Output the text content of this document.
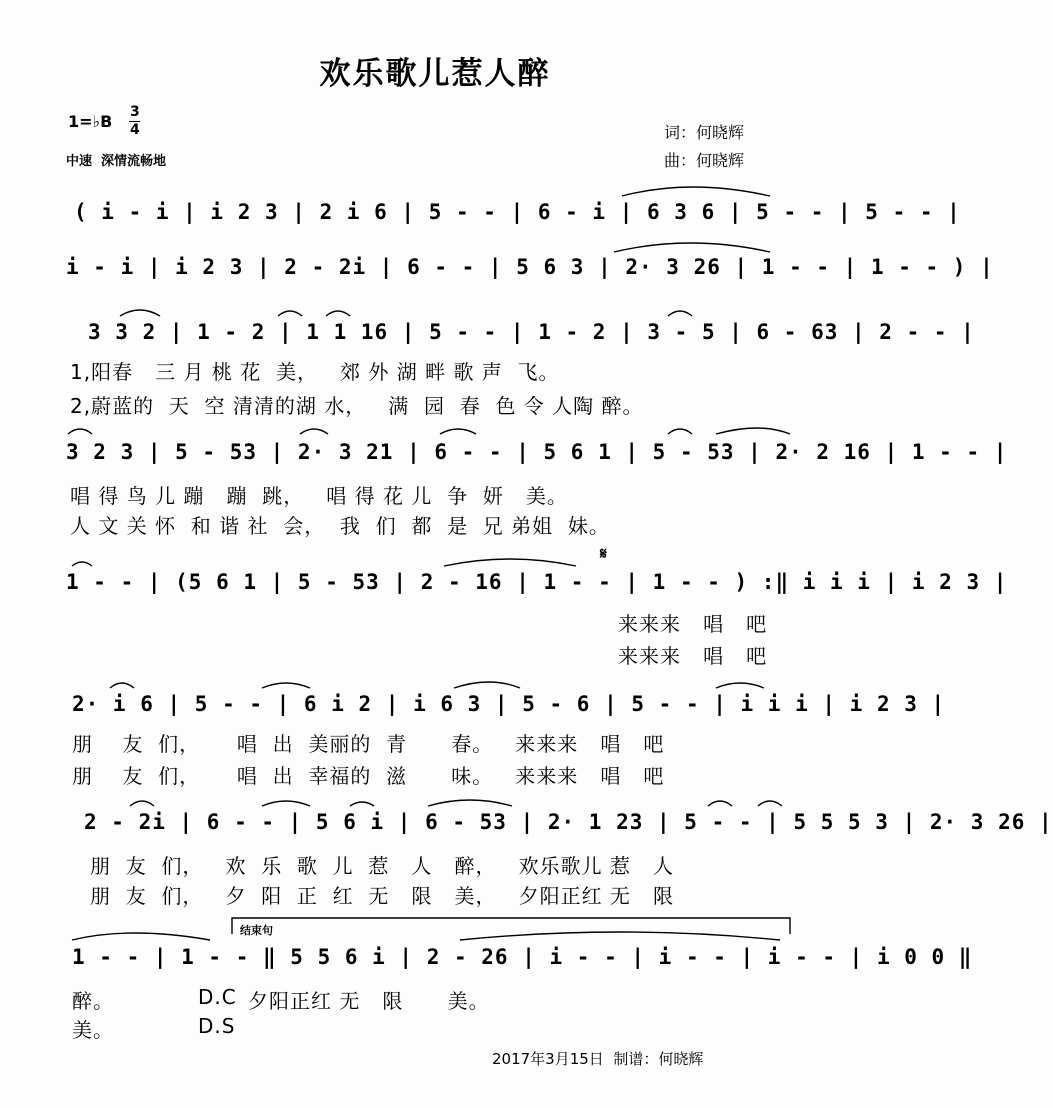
欢乐歌儿惹人醉
1=♭B 3
4
中速  深情流畅地
词：何晓辉
曲：何晓辉
( i - i | i 2 3 | 2 i 6 | 5 - - | 6 - i | 6 3 6 | 5 - - | 5 - - |
i - i | i 2 3 | 2 - 2i | 6 - - | 5 6 3 | 2· 3 26 | 1 - - | 1 - - ) |
3 3 2 | 1 - 2 | 1 1 16 | 5 - - | 1 - 2 | 3 - 5 | 6 - 63 | 2 - - |
3 2 3 | 5 - 53 | 2· 3 21 | 6 - - | 5 6 1 | 5 - 53 | 2· 2 16 | 1 - - |
1 - - | (5 6 1 | 5 - 53 | 2 - 16 | 1 - - | 1 - - ) :‖ i i i | i 2 3 |
2· i 6 | 5 - - | 6 i 2 | i 6 3 | 5 - 6 | 5 - - | i i i | i 2 3 |
2 - 2i | 6 - - | 5 6 i | 6 - 53 | 2· 1 23 | 5 - - | 5 5 5 3 | 2· 3 26 |
1 - - | 1 - - ‖ 5 5 6 i | 2 - 26 | i - - | i - - | i - - | i 0 0 ‖
1,阳春   三 月 桃 花  美，   郊 外 湖 畔 歌 声  飞。
2,蔚蓝的  天  空 清清的湖 水，   满  园  春  色 令 人陶 醉。
唱 得 鸟 儿 蹦   蹦  跳，   唱 得 花 儿  争  妍   美。
人 文 关 怀  和 谐 社  会，  我  们  都  是  兄 弟姐  妹。
来来来   唱   吧
来来来   唱   吧
朋    友  们，     唱  出  美丽的  青      春。   来来来   唱   吧
朋    友  们，     唱  出  幸福的  滋      味。   来来来   唱   吧
朋  友  们，   欢  乐  歌  儿  惹   人   醉，   欢乐歌儿 惹   人
朋  友  们，   夕  阳  正  红  无   限   美，   夕阳正红 无   限
醉。	D.C 夕阳正红 无   限      美。
美。	D.S
𝄋
结束句
2017年3月15日  制谱：何晓辉
